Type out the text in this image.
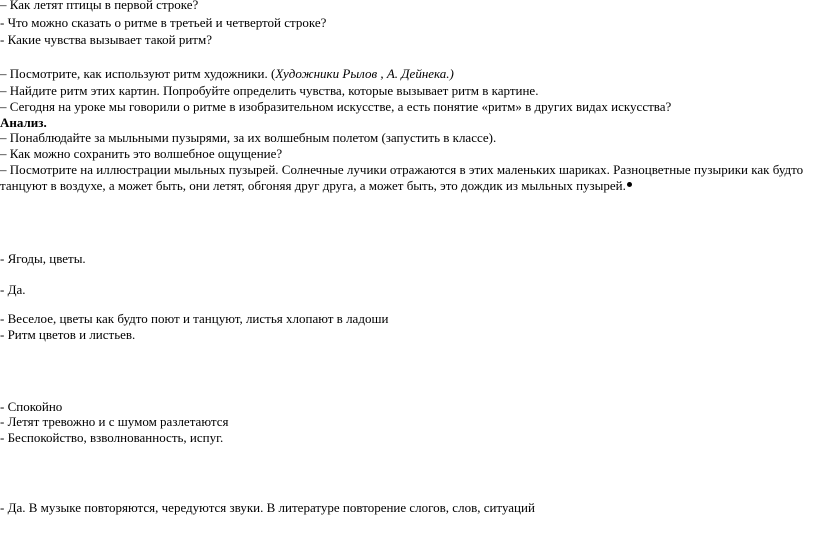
– Как летят птицы в первой строке?
- Что можно сказать о ритме в третьей и четвертой строке?
- Какие чувства вызывает такой ритм?
– Посмотрите, как используют ритм художники. (Художники Рылов , А. Дейнека.)
– Найдите ритм этих картин. Попробуйте определить чувства, которые вызывает ритм в картине.
– Сегодня на уроке мы говорили о ритме в изобразительном искусстве, а есть понятие «ритм» в других видах искусства?
Анализ.
– Понаблюдайте за мыльными пузырями, за их волшебным полетом (запустить в классе).
– Как можно сохранить это волшебное ощущение?
– Посмотрите на иллюстрации мыльных пузырей. Солнечные лучики отражаются в этих маленьких шариках. Разноцветные пузырики как будто
танцуют в воздухе, а может быть, они летят, обгоняя друг друга, а может быть, это дождик из мыльных пузырей.
- Ягоды, цветы.
- Да.
- Веселое, цветы как будто поют и танцуют, листья хлопают в ладоши
- Ритм цветов и листьев.
- Спокойно
- Летят тревожно и с шумом разлетаются
- Беспокойство, взволнованность, испуг.
- Да. В музыке повторяются, чередуются звуки. В литературе повторение слогов, слов, ситуаций
